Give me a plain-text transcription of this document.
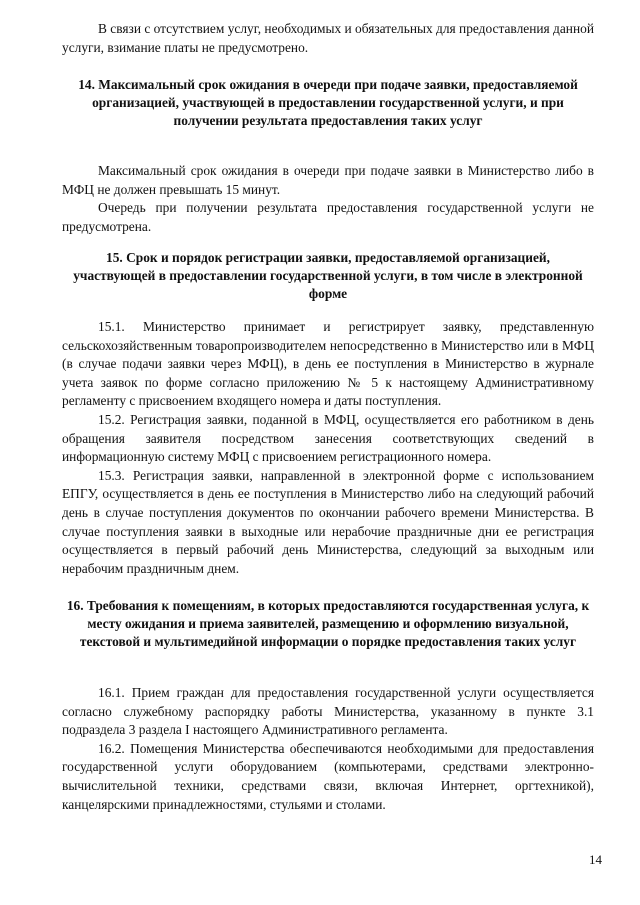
В связи с отсутствием услуг, необходимых и обязательных для предоставления данной услуги, взимание платы не предусмотрено.

14. Максимальный срок ожидания в очереди при подаче заявки, предоставляемой организацией, участвующей в предоставлении государственной услуги, и при получении результата предоставления таких услуг

Максимальный срок ожидания в очереди при подаче заявки в Министерство либо в МФЦ не должен превышать 15 минут.

Очередь при получении результата предоставления государственной услуги не предусмотрена.

15. Срок и порядок регистрации заявки, предоставляемой организацией, участвующей в предоставлении государственной услуги, в том числе в электронной форме

15.1. Министерство принимает и регистрирует заявку, представленную сельскохозяйственным товаропроизводителем непосредственно в Министерство или в МФЦ (в случае подачи заявки через МФЦ), в день ее поступления в Министерство в журнале учета заявок по форме согласно приложению № 5 к настоящему Административному регламенту с присвоением входящего номера и даты поступления.

15.2. Регистрация заявки, поданной в МФЦ, осуществляется его работником в день обращения заявителя посредством занесения соответствующих сведений в информационную систему МФЦ с присвоением регистрационного номера.

15.3. Регистрация заявки, направленной в электронной форме с использованием ЕПГУ, осуществляется в день ее поступления в Министерство либо на следующий рабочий день в случае поступления документов по окончании рабочего времени Министерства. В случае поступления заявки в выходные или нерабочие праздничные дни ее регистрация осуществляется в первый рабочий день Министерства, следующий за выходным или нерабочим праздничным днем.

16. Требования к помещениям, в которых предоставляются государственная услуга, к месту ожидания и приема заявителей, размещению и оформлению визуальной, текстовой и мультимедийной информации о порядке предоставления таких услуг

16.1. Прием граждан для предоставления государственной услуги осуществляется согласно служебному распорядку работы Министерства, указанному в пункте 3.1 подраздела 3 раздела I настоящего Административного регламента.

16.2. Помещения Министерства обеспечиваются необходимыми для предоставления государственной услуги оборудованием (компьютерами, средствами электронно-вычислительной техники, средствами связи, включая Интернет, оргтехникой), канцелярскими принадлежностями, стульями и столами.

14
